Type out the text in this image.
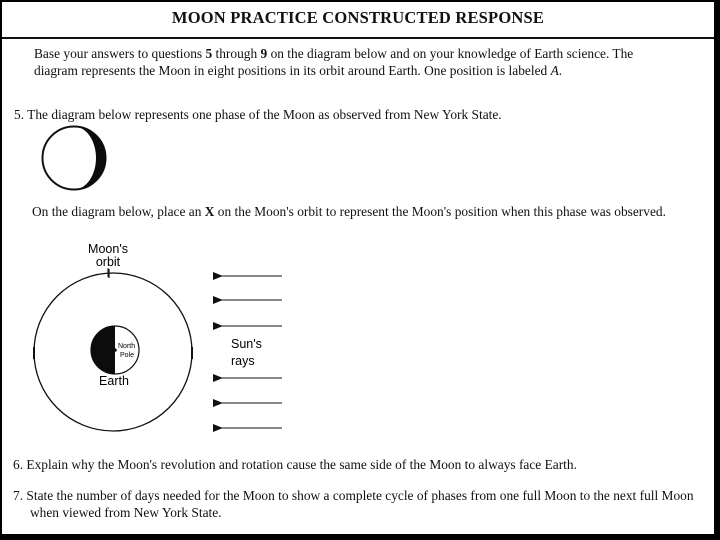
MOON PRACTICE CONSTRUCTED RESPONSE
Base your answers to questions 5 through 9 on the diagram below and on your knowledge of Earth science. The diagram represents the Moon in eight positions in its orbit around Earth. One position is labeled A.
5. The diagram below represents one phase of the Moon as observed from New York State.
On the diagram below, place an X on the Moon's orbit to represent the Moon's position when this phase was observed.
Moon's
orbit
North
Pole
Earth
Sun's
rays
6. Explain why the Moon's revolution and rotation cause the same side of the Moon to always face Earth.
7. State the number of days needed for the Moon to show a complete cycle of phases from one full Moon to the next full Moon when viewed from New York State.
